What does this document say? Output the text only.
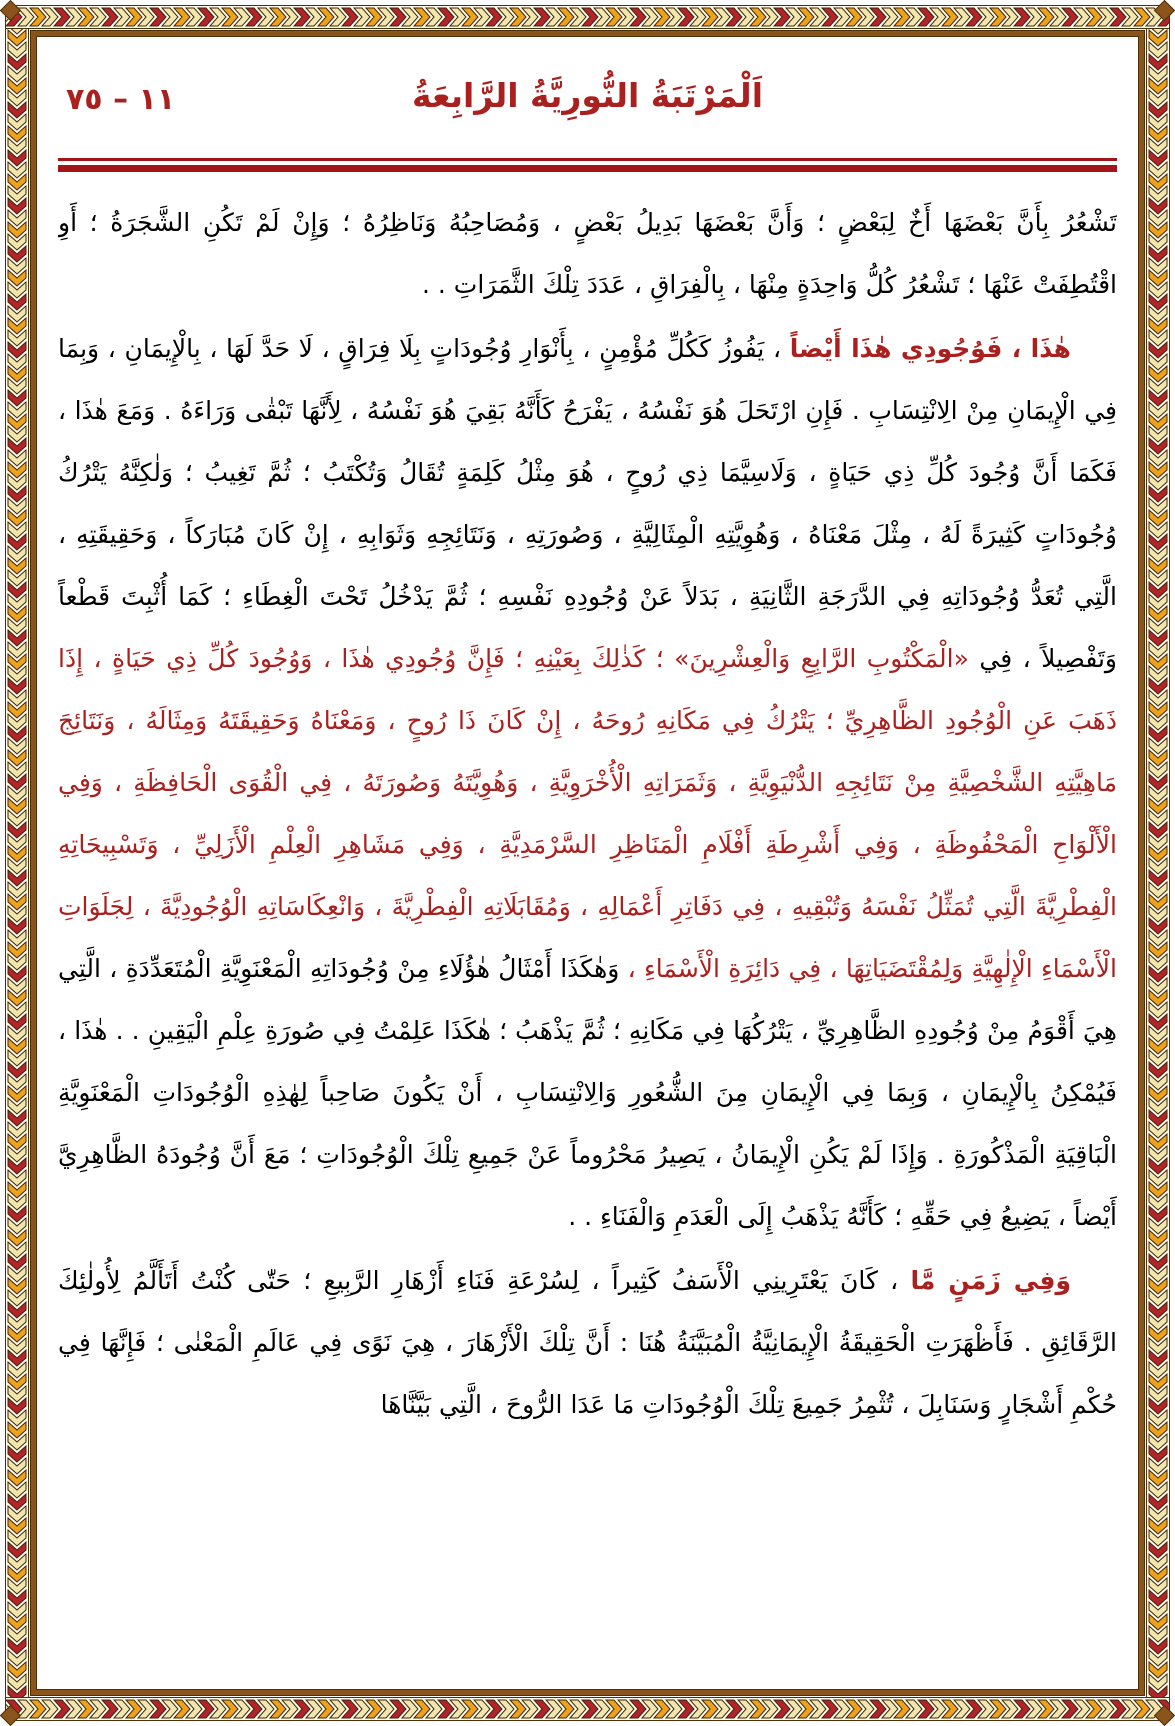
١١ – ٧٥	اَلْمَرْتَبَةُ النُّورِيَّةُ الرَّابِعَةُ

تَشْعُرُ بِأَنَّ بَعْضَهَا أَخٌ لِبَعْضٍ ؛ وَأَنَّ بَعْضَهَا بَدِيلُ بَعْضٍ ، وَمُصَاحِبُهُ وَنَاظِرُهُ ؛ وَإِنْ لَمْ تَكُنِ الشَّجَرَةُ ؛ أَوِ اقْتُطِفَتْ عَنْهَا ؛ تَشْعُرُ كُلُّ وَاحِدَةٍ مِنْهَا ، بِالْفِرَاقِ ، عَدَدَ تِلْكَ الثَّمَرَاتِ . .

هٰذَا ، فَوُجُودِي هٰذَا أَيْضاً ، يَفُوزُ كَكُلِّ مُؤْمِنٍ ، بِأَنْوَارِ وُجُودَاتٍ بِلَا فِرَاقٍ ، لَا حَدَّ لَهَا ، بِالْإِيمَانِ ، وَبِمَا فِي الْإِيمَانِ مِنْ الِانْتِسَابِ . فَإِنِ ارْتَحَلَ هُوَ نَفْسُهُ ، يَفْرَحُ كَأَنَّهُ بَقِيَ هُوَ نَفْسُهُ ، لِأَنَّهَا تَبْقٰى وَرَاءَهُ . وَمَعَ هٰذَا ، فَكَمَا أَنَّ وُجُودَ كُلِّ ذِي حَيَاةٍ ، وَلَاسِيَّمَا ذِي رُوحٍ ، هُوَ مِثْلُ كَلِمَةٍ تُقَالُ وَتُكْتَبُ ؛ ثُمَّ تَغِيبُ ؛ وَلٰكِنَّهُ يَتْرُكُ وُجُودَاتٍ كَثِيرَةً لَهُ ، مِثْلَ مَعْنَاهُ ، وَهُوِيَّتِهِ الْمِثَالِيَّةِ ، وَصُورَتِهِ ، وَنَتَائِجِهِ وَثَوَابِهِ ، إِنْ كَانَ مُبَارَكاً ، وَحَقِيقَتِهِ ، الَّتِي تُعَدُّ وُجُودَاتِهِ فِي الدَّرَجَةِ الثَّانِيَةِ ، بَدَلاً عَنْ وُجُودِهِ نَفْسِهِ ؛ ثُمَّ يَدْخُلُ تَحْتَ الْغِطَاءِ ؛ كَمَا أُثْبِتَ قَطْعاً وَتَفْصِيلاً ، فِي «الْمَكْتُوبِ الرَّابِعِ وَالْعِشْرِينَ» ؛ كَذٰلِكَ بِعَيْنِهِ ؛ فَإِنَّ وُجُودِي هٰذَا ، وَوُجُودَ كُلِّ ذِي حَيَاةٍ ، إِذَا ذَهَبَ عَنِ الْوُجُودِ الظَّاهِرِيِّ ؛ يَتْرُكُ فِي مَكَانِهِ رُوحَهُ ، إِنْ كَانَ ذَا رُوحٍ ، وَمَعْنَاهُ وَحَقِيقَتَهُ وَمِثَالَهُ ، وَنَتَائِجَ مَاهِيَّتِهِ الشَّخْصِيَّةِ مِنْ نَتَائِجِهِ الدُّنْيَوِيَّةِ ، وَثَمَرَاتِهِ الْأُخْرَوِيَّةِ ، وَهُوِيَّتَهُ وَصُورَتَهُ ، فِي الْقُوَى الْحَافِظَةِ ، وَفِي الْأَلْوَاحِ الْمَحْفُوظَةِ ، وَفِي أَشْرِطَةِ أَفْلَامِ الْمَنَاظِرِ السَّرْمَدِيَّةِ ، وَفِي مَشَاهِرِ الْعِلْمِ الْأَزَلِيِّ ، وَتَسْبِيحَاتِهِ الْفِطْرِيَّةَ الَّتِي تُمَثِّلُ نَفْسَهُ وَتُبْقِيهِ ، فِي دَفَاتِرِ أَعْمَالِهِ ، وَمُقَابَلَاتِهِ الْفِطْرِيَّةَ ، وَانْعِكَاسَاتِهِ الْوُجُودِيَّةَ ، لِجَلَوَاتِ الْأَسْمَاءِ الْإِلٰهِيَّةِ وَلِمُقْتَضَيَاتِهَا ، فِي دَائِرَةِ الْأَسْمَاءِ ، وَهٰكَذَا أَمْثَالُ هٰؤُلَاءِ مِنْ وُجُودَاتِهِ الْمَعْنَوِيَّةِ الْمُتَعَدِّدَةِ ، الَّتِي هِيَ أَقْوَمُ مِنْ وُجُودِهِ الظَّاهِرِيِّ ، يَتْرُكُهَا فِي مَكَانِهِ ؛ ثُمَّ يَذْهَبُ ؛ هٰكَذَا عَلِمْتُ فِي صُورَةِ عِلْمِ الْيَقِينِ . . هٰذَا ، فَيُمْكِنُ بِالْإِيمَانِ ، وَبِمَا فِي الْإِيمَانِ مِنَ الشُّعُورِ وَالِانْتِسَابِ ، أَنْ يَكُونَ صَاحِباً لِهٰذِهِ الْوُجُودَاتِ الْمَعْنَوِيَّةِ الْبَاقِيَةِ الْمَذْكُورَةِ . وَإِذَا لَمْ يَكُنِ الْإِيمَانُ ، يَصِيرُ مَحْرُوماً عَنْ جَمِيعِ تِلْكَ الْوُجُودَاتِ ؛ مَعَ أَنَّ وُجُودَهُ الظَّاهِرِيَّ أَيْضاً ، يَضِيعُ فِي حَقِّهِ ؛ كَأَنَّهُ يَذْهَبُ إِلَى الْعَدَمِ وَالْفَنَاءِ . .

وَفِي زَمَنٍ مَّا ، كَانَ يَعْتَرِينِي الْأَسَفُ كَثِيراً ، لِسُرْعَةِ فَنَاءِ أَزْهَارِ الرَّبِيعِ ؛ حَتّٰى كُنْتُ أَتَأَلَّمُ لِأُولٰئِكَ الرَّقَائِقِ . فَأَظْهَرَتِ الْحَقِيقَةُ الْإِيمَانِيَّةُ الْمُبَيَّنَةُ هُنَا : أَنَّ تِلْكَ الْأَزْهَارَ ، هِيَ نَوًى فِي عَالَمِ الْمَعْنٰى ؛ فَإِنَّهَا فِي حُكْمِ أَشْجَارٍ وَسَنَابِلَ ، تُثْمِرُ جَمِيعَ تِلْكَ الْوُجُودَاتِ مَا عَدَا الرُّوحَ ، الَّتِي بَيَّنَّاهَا
